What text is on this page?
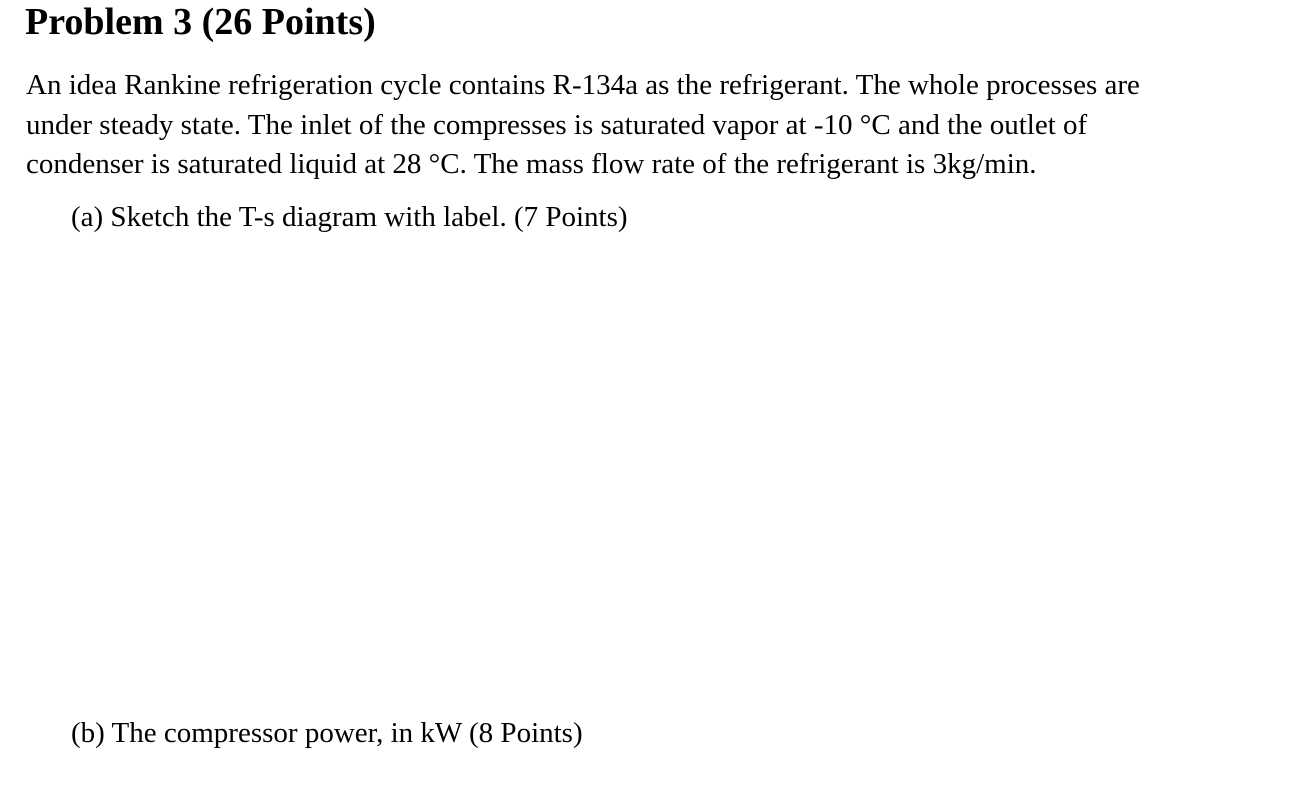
Problem 3 (26 Points)

An idea Rankine refrigeration cycle contains R-134a as the refrigerant. The whole processes are
under steady state. The inlet of the compresses is saturated vapor at -10 °C and the outlet of
condenser is saturated liquid at 28 °C. The mass flow rate of the refrigerant is 3kg/min.

(a) Sketch the T-s diagram with label. (7 Points)

(b) The compressor power, in kW (8 Points)
